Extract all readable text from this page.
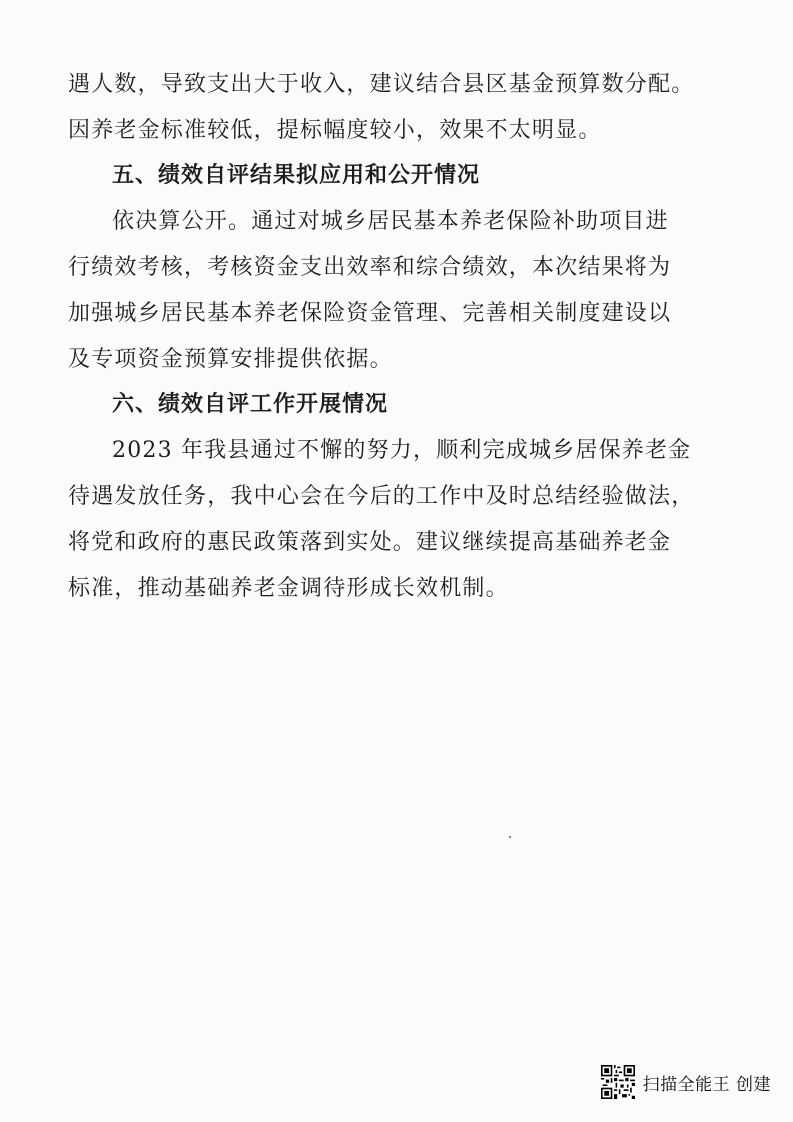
遇人数，导致支出大于收入，建议结合县区基金预算数分配。
因养老金标准较低，提标幅度较小，效果不太明显。
五、绩效自评结果拟应用和公开情况
依决算公开。通过对城乡居民基本养老保险补助项目进
行绩效考核，考核资金支出效率和综合绩效，本次结果将为
加强城乡居民基本养老保险资金管理、完善相关制度建设以
及专项资金预算安排提供依据。
六、绩效自评工作开展情况
2023 年我县通过不懈的努力，顺利完成城乡居保养老金
待遇发放任务，我中心会在今后的工作中及时总结经验做法，
将党和政府的惠民政策落到实处。建议继续提高基础养老金
标准，推动基础养老金调待形成长效机制。
扫描全能王 创建
